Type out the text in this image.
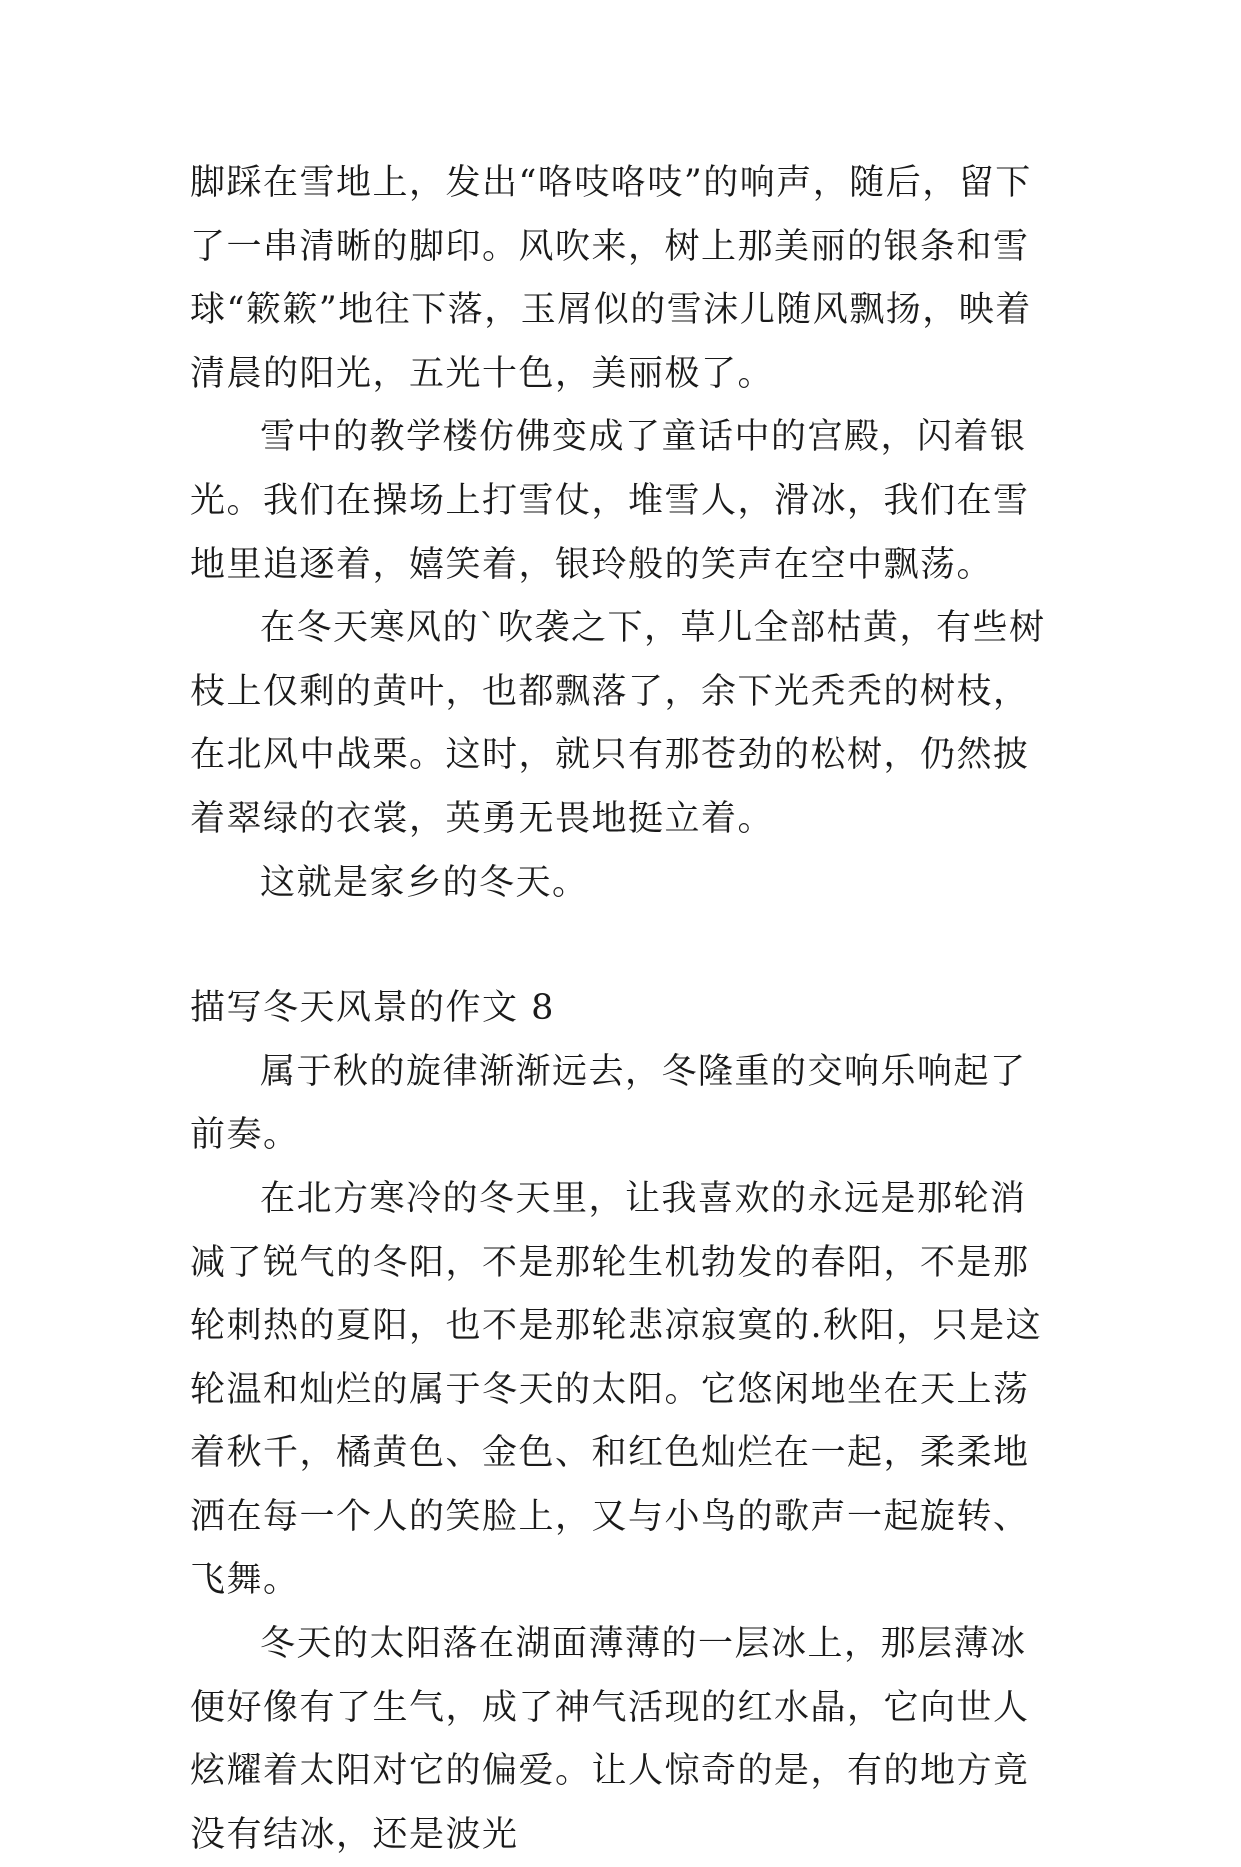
脚踩在雪地上，发出“咯吱咯吱”的响声，随后，留下了一串清晰的脚印。风吹来，树上那美丽的银条和雪球“簌簌”地往下落，玉屑似的雪沫儿随风飘扬，映着清晨的阳光，五光十色，美丽极了。

雪中的教学楼仿佛变成了童话中的宫殿，闪着银光。我们在操场上打雪仗，堆雪人，滑冰，我们在雪地里追逐着，嬉笑着，银玲般的笑声在空中飘荡。

在冬天寒风的`吹袭之下，草儿全部枯黄，有些树枝上仅剩的黄叶，也都飘落了，余下光秃秃的树枝，在北风中战栗。这时，就只有那苍劲的松树，仍然披着翠绿的衣裳，英勇无畏地挺立着。

这就是家乡的冬天。

描写冬天风景的作文 8

属于秋的旋律渐渐远去，冬隆重的交响乐响起了前奏。

在北方寒冷的冬天里，让我喜欢的永远是那轮消减了锐气的冬阳，不是那轮生机勃发的春阳，不是那轮刺热的夏阳，也不是那轮悲凉寂寞的.秋阳，只是这轮温和灿烂的属于冬天的太阳。它悠闲地坐在天上荡着秋千，橘黄色、金色、和红色灿烂在一起，柔柔地洒在每一个人的笑脸上，又与小鸟的歌声一起旋转、飞舞。

冬天的太阳落在湖面薄薄的一层冰上，那层薄冰便好像有了生气，成了神气活现的红水晶，它向世人炫耀着太阳对它的偏爱。让人惊奇的是，有的地方竟没有结冰，还是波光
